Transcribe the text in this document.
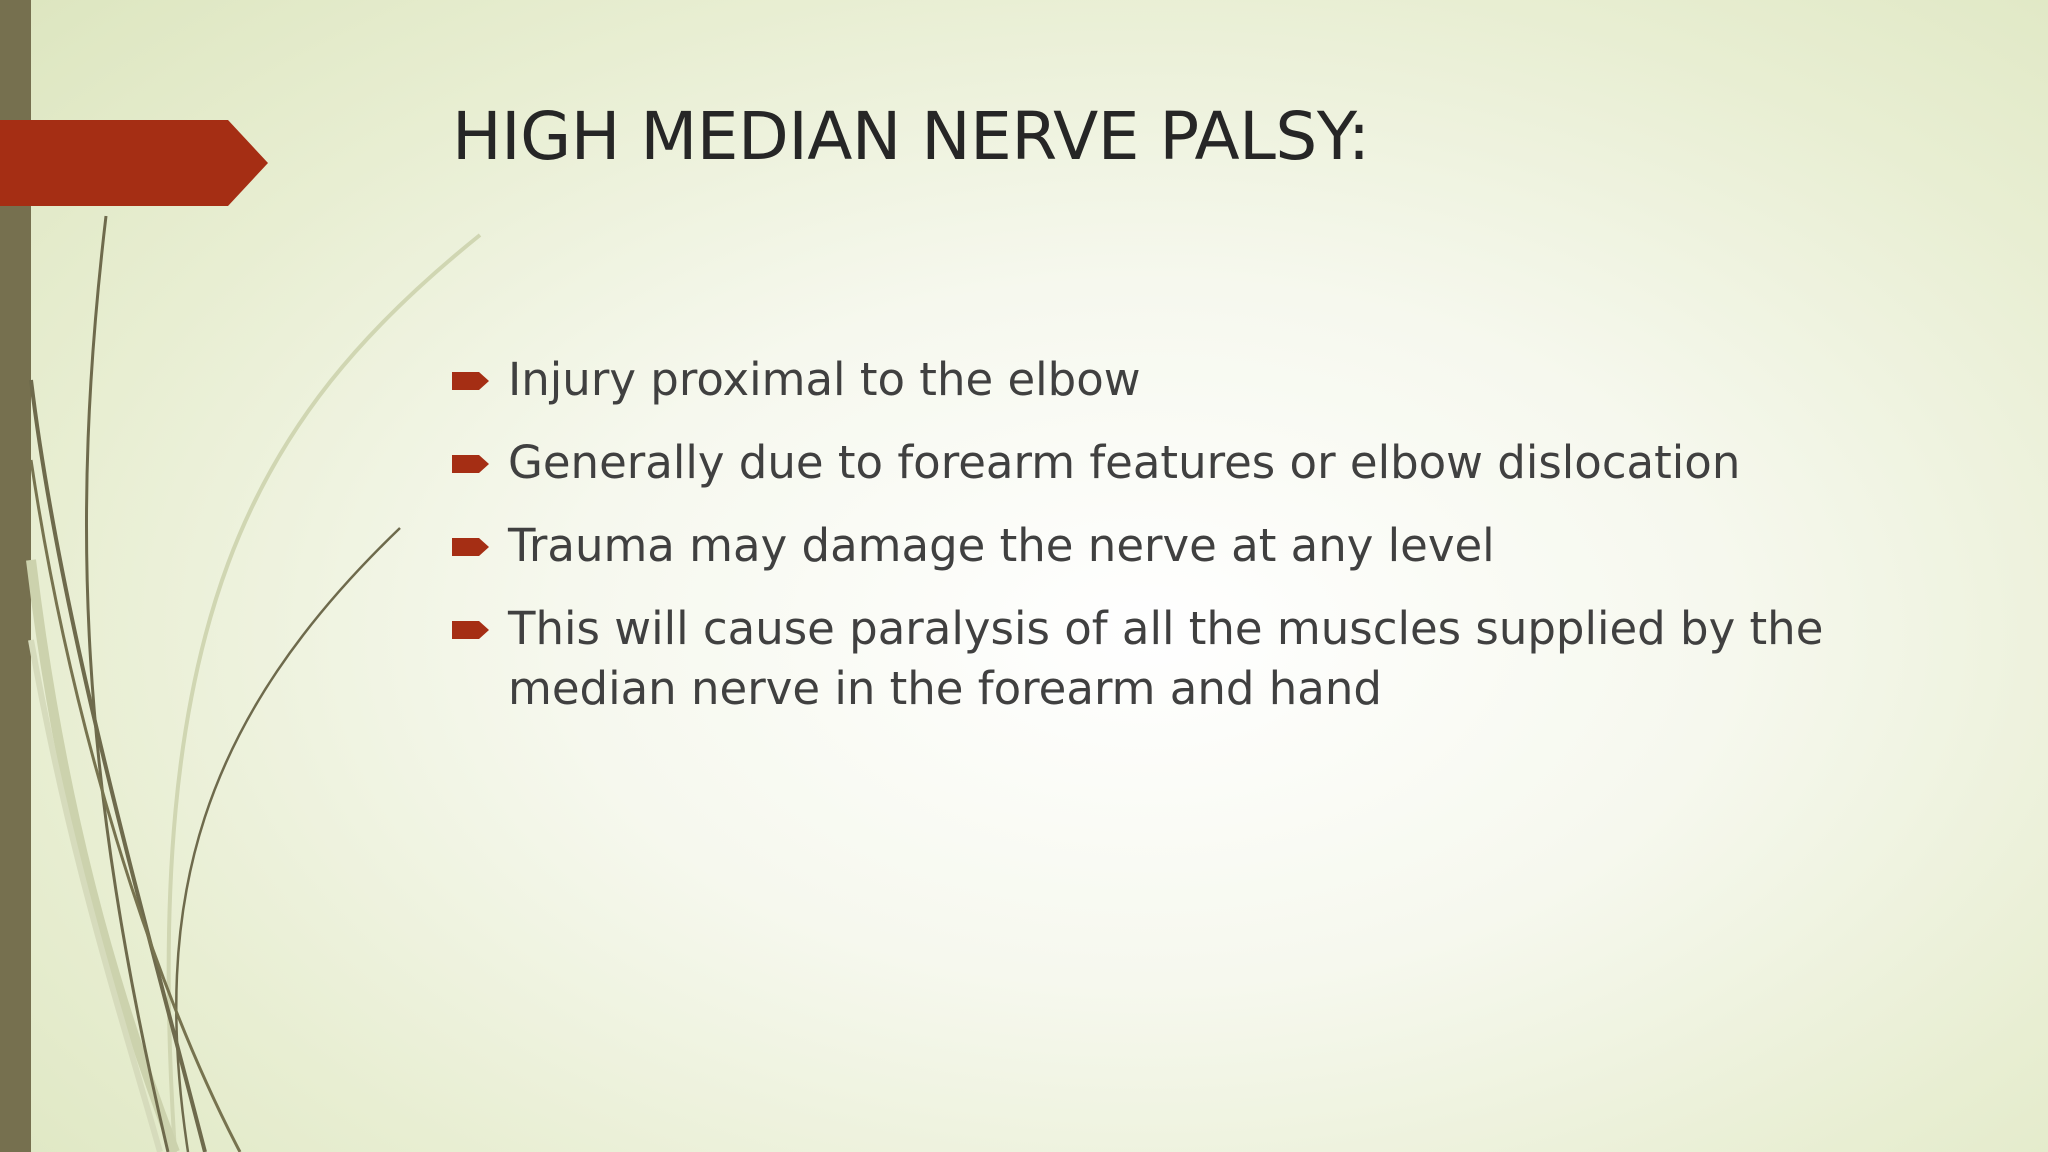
HIGH MEDIAN NERVE PALSY:
Injury proximal to the elbow
Generally due to forearm features or elbow dislocation
Trauma may damage the nerve at any level
This will cause paralysis of all the muscles supplied by the median nerve in the forearm and hand
